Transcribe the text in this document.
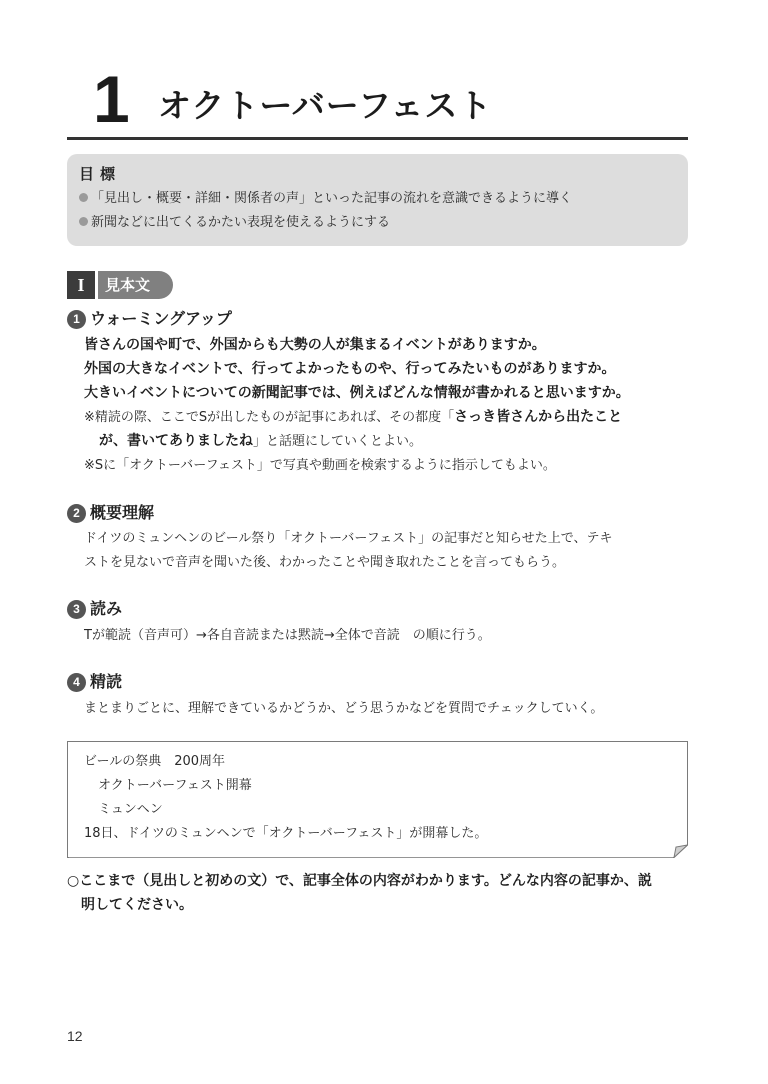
1 オクトーバーフェスト
目標
「見出し・概要・詳細・関係者の声」といった記事の流れを意識できるように導く
新聞などに出てくるかたい表現を使えるようにする
I	見本文
1 ウォーミングアップ
皆さんの国や町で、外国からも大勢の人が集まるイベントがありますか。
外国の大きなイベントで、行ってよかったものや、行ってみたいものがありますか。
大きいイベントについての新聞記事では、例えばどんな情報が書かれると思いますか。
※精読の際、ここでSが出したものが記事にあれば、その都度「さっき皆さんから出たこと
が、書いてありましたね」と話題にしていくとよい。
※Sに「オクトーバーフェスト」で写真や動画を検索するように指示してもよい。
2 概要理解
ドイツのミュンヘンのビール祭り「オクトーバーフェスト」の記事だと知らせた上で、テキ
ストを見ないで音声を聞いた後、わかったことや聞き取れたことを言ってもらう。
3 読み
Tが範読（音声可）→各自音読または黙読→全体で音読　の順に行う。
4 精読
まとまりごとに、理解できているかどうか、どう思うかなどを質問でチェックしていく。
ビールの祭典　200周年
オクトーバーフェスト開幕
ミュンヘン
18日、ドイツのミュンヘンで「オクトーバーフェスト」が開幕した。
○ここまで（見出しと初めの文）で、記事全体の内容がわかります。どんな内容の記事か、説
明してください。
12
